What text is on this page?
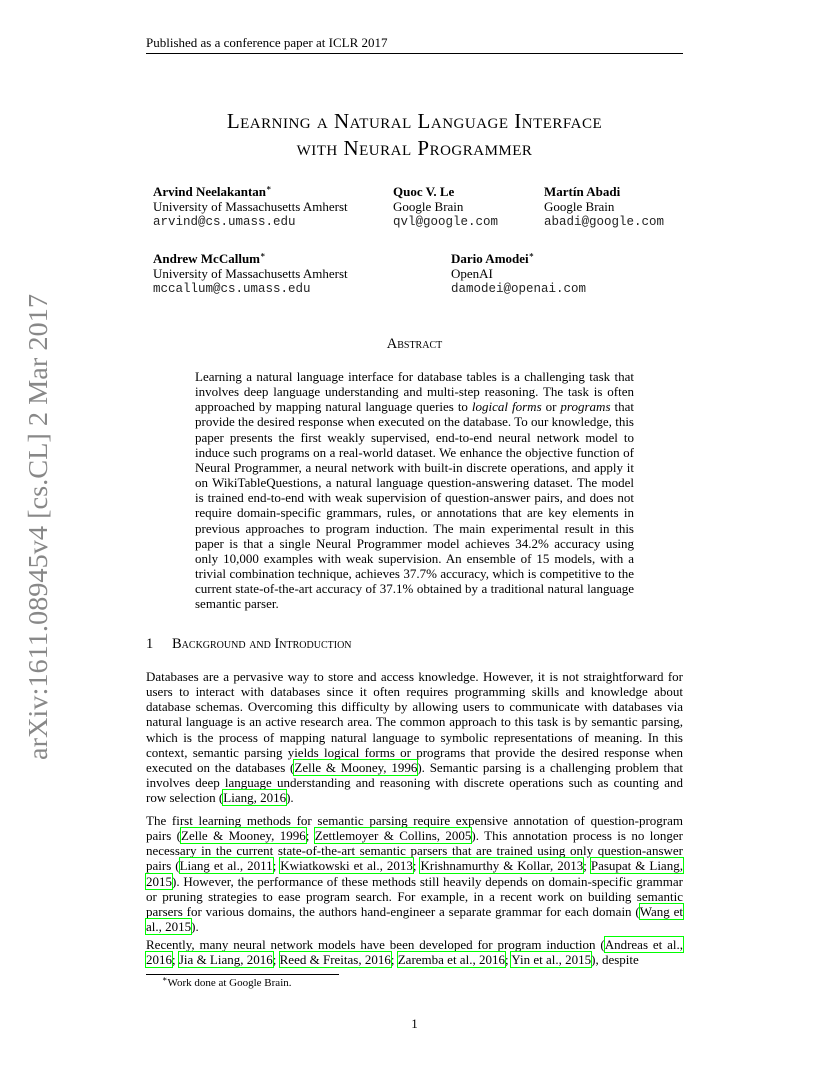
Published as a conference paper at ICLR 2017
arXiv:1611.08945v4 [cs.CL] 2 Mar 2017
Learning a Natural Language Interface
with Neural Programmer
Arvind Neelakantan∗
University of Massachusetts Amherst
arvind@cs.umass.edu
Quoc V. Le
Google Brain
qvl@google.com
Martín Abadi
Google Brain
abadi@google.com
Andrew McCallum∗
University of Massachusetts Amherst
mccallum@cs.umass.edu
Dario Amodei∗
OpenAI
damodei@openai.com
Abstract
Learning a natural language interface for database tables is a challenging task that involves deep language understanding and multi-step reasoning. The task is often approached by mapping natural language queries to logical forms or programs that provide the desired response when executed on the database. To our knowledge, this paper presents the first weakly supervised, end-to-end neural network model to induce such programs on a real-world dataset. We enhance the objective function of Neural Programmer, a neural network with built-in discrete operations, and apply it on WikiTableQuestions, a natural language question-answering dataset. The model is trained end-to-end with weak supervision of question-answer pairs, and does not require domain-specific grammars, rules, or annotations that are key elements in previous approaches to program induction. The main experimental result in this paper is that a single Neural Programmer model achieves 34.2% accuracy using only 10,000 examples with weak supervision. An ensemble of 15 models, with a trivial combination technique, achieves 37.7% accuracy, which is competitive to the current state-of-the-art accuracy of 37.1% obtained by a traditional natural language semantic parser.
1 Background and Introduction
Databases are a pervasive way to store and access knowledge. However, it is not straightforward for users to interact with databases since it often requires programming skills and knowledge about database schemas. Overcoming this difficulty by allowing users to communicate with databases via natural language is an active research area. The common approach to this task is by semantic parsing, which is the process of mapping natural language to symbolic representations of meaning. In this context, semantic parsing yields logical forms or programs that provide the desired response when executed on the databases (Zelle & Mooney, 1996). Semantic parsing is a challenging problem that involves deep language understanding and reasoning with discrete operations such as counting and row selection (Liang, 2016).
The first learning methods for semantic parsing require expensive annotation of question-program pairs (Zelle & Mooney, 1996; Zettlemoyer & Collins, 2005). This annotation process is no longer necessary in the current state-of-the-art semantic parsers that are trained using only question-answer pairs (Liang et al., 2011; Kwiatkowski et al., 2013; Krishnamurthy & Kollar, 2013; Pasupat & Liang, 2015). However, the performance of these methods still heavily depends on domain-specific grammar or pruning strategies to ease program search. For example, in a recent work on building semantic parsers for various domains, the authors hand-engineer a separate grammar for each domain (Wang et al., 2015).
Recently, many neural network models have been developed for program induction (Andreas et al., 2016; Jia & Liang, 2016; Reed & Freitas, 2016; Zaremba et al., 2016; Yin et al., 2015), despite
∗Work done at Google Brain.
1
